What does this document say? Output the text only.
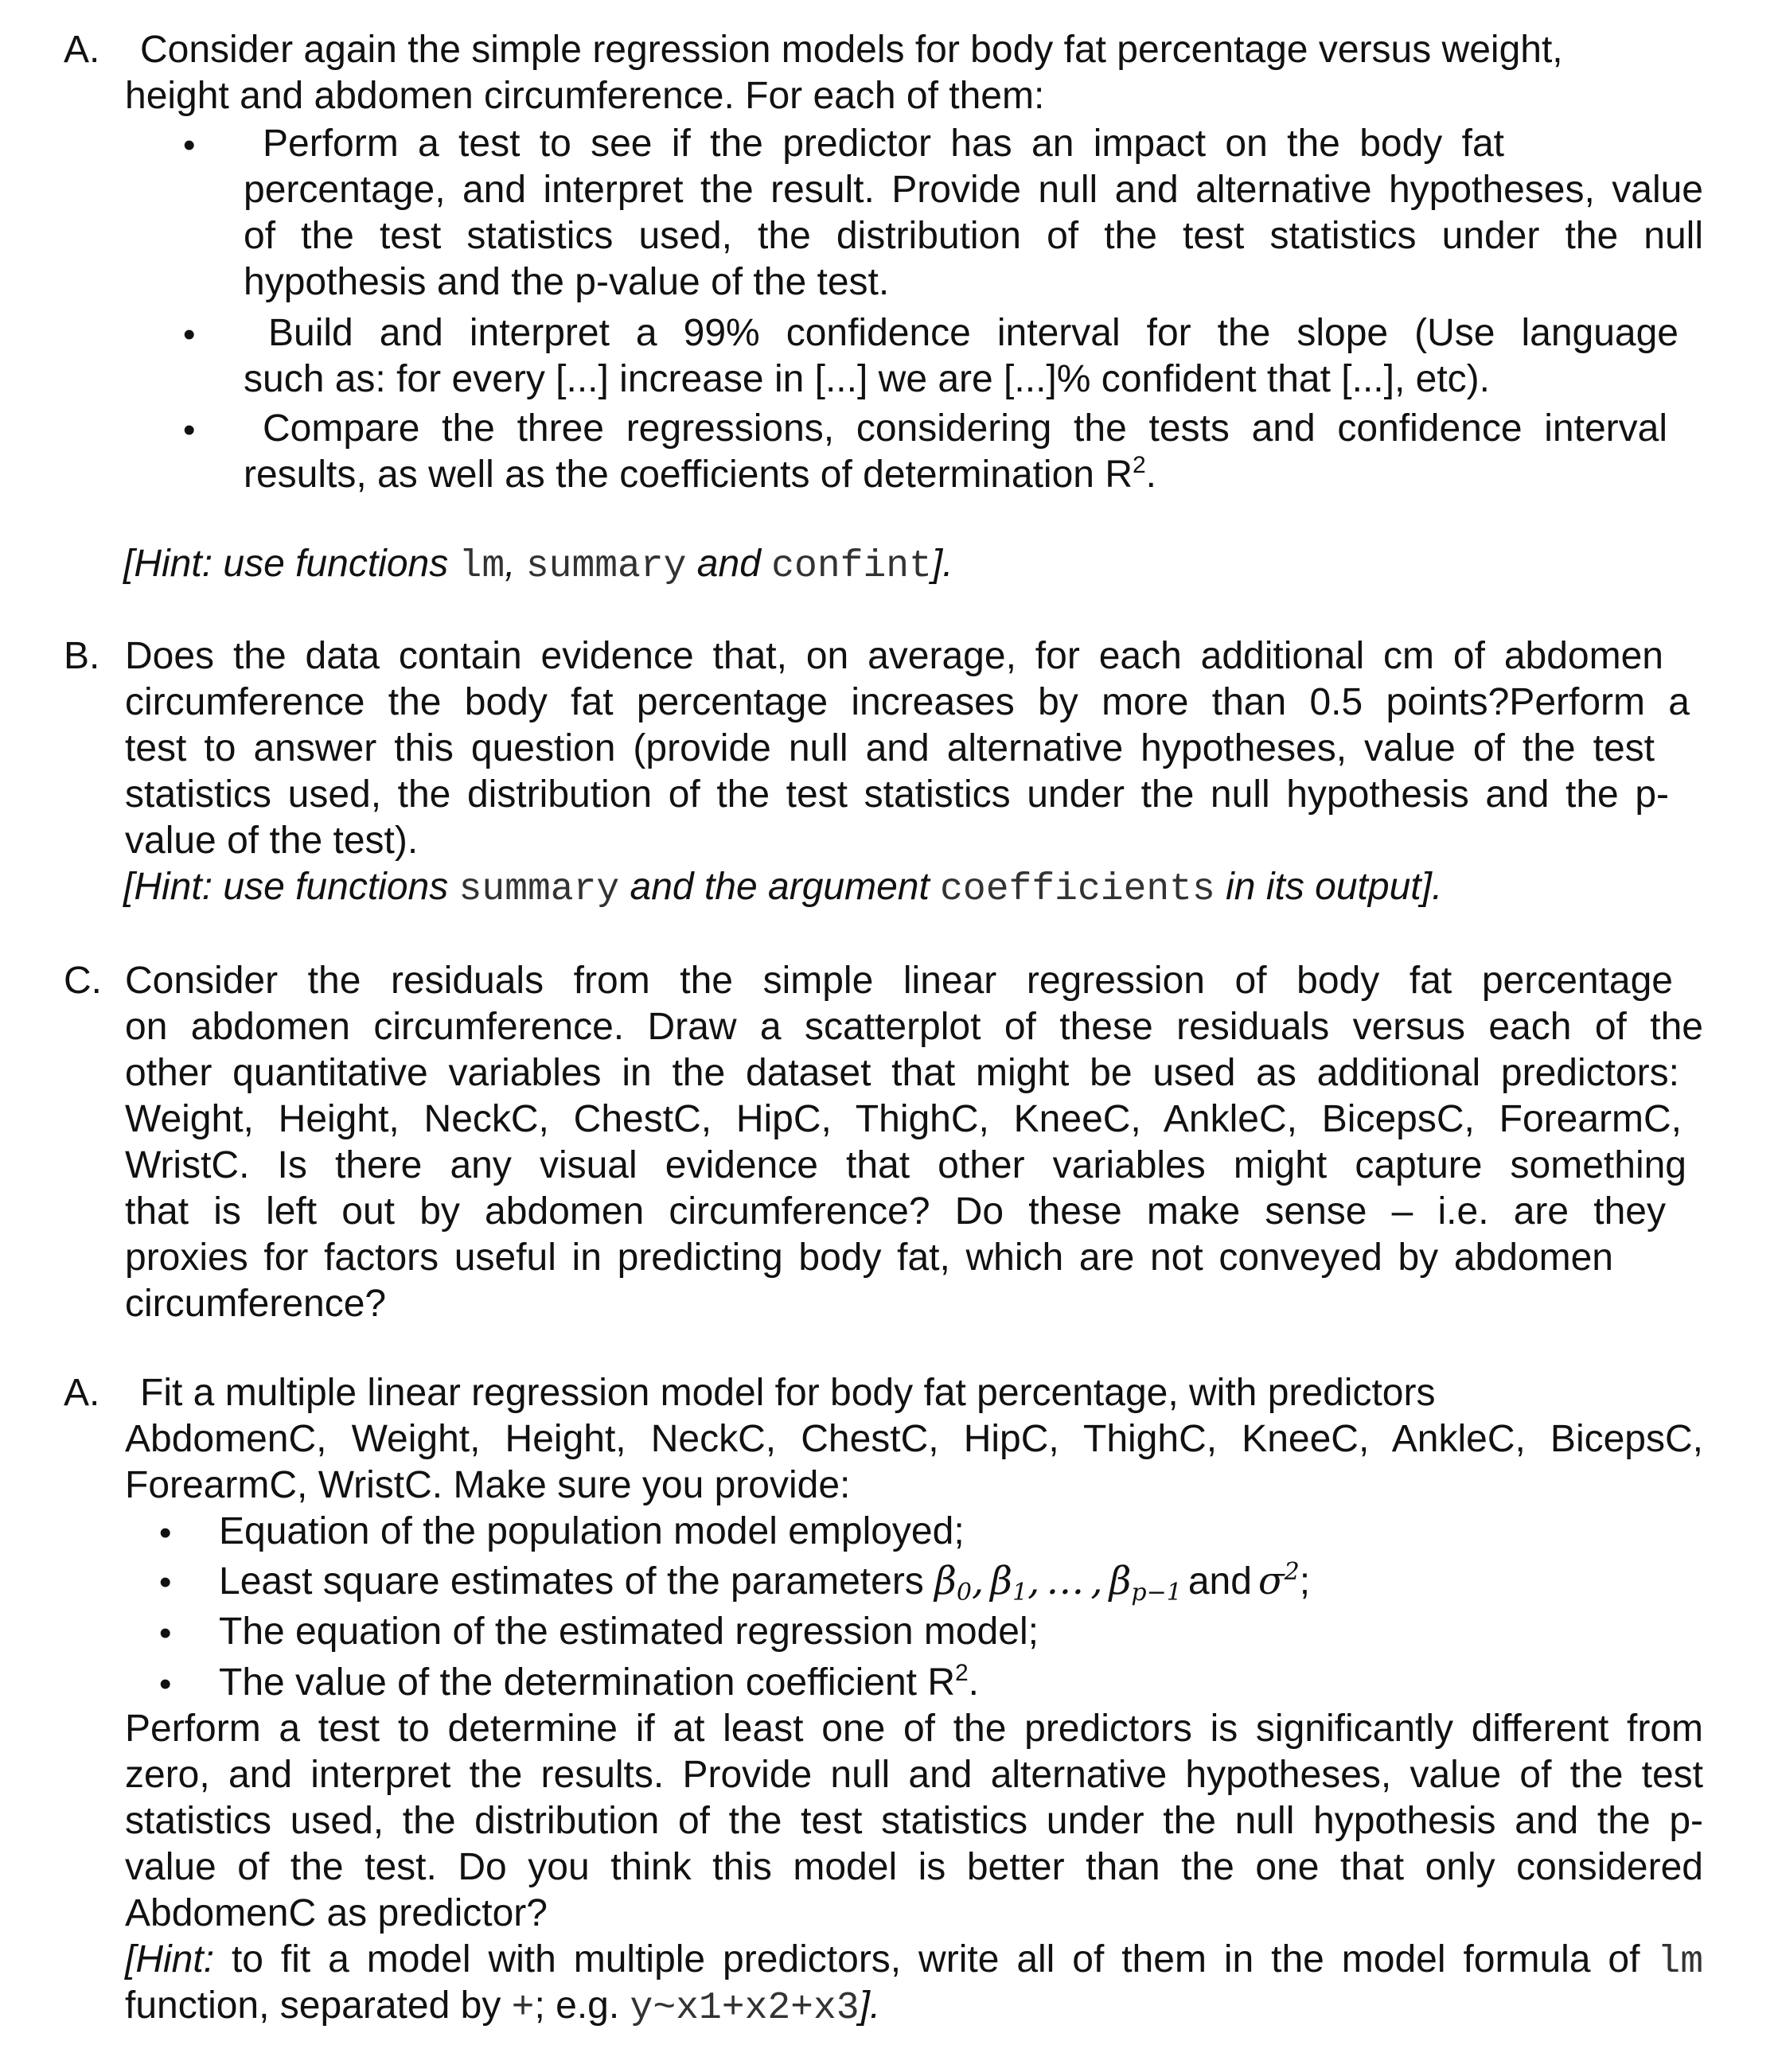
A. Consider again the simple regression models for body fat percentage versus weight,
height and abdomen circumference. For each of them:
• Perform a test to see if the predictor has an impact on the body fat
percentage, and interpret the result. Provide null and alternative hypotheses, value
of the test statistics used, the distribution of the test statistics under the null
hypothesis and the p-value of the test.
• Build and interpret a 99% confidence interval for the slope (Use language
such as: for every [...] increase in [...] we are [...]% confident that [...], etc).
• Compare the three regressions, considering the tests and confidence interval
results, as well as the coefficients of determination $R^2$.
[Hint: use functions lm, summary and confint].
B. Does the data contain evidence that, on average, for each additional cm of abdomen
circumference the body fat percentage increases by more than 0.5 points?Perform a
test to answer this question (provide null and alternative hypotheses, value of the test
statistics used, the distribution of the test statistics under the null hypothesis and the p-
value of the test).
[Hint: use functions summary and the argument coefficients in its output].
C. Consider the residuals from the simple linear regression of body fat percentage
on abdomen circumference. Draw a scatterplot of these residuals versus each of the
other quantitative variables in the dataset that might be used as additional predictors:
Weight, Height, NeckC, ChestC, HipC, ThighC, KneeC, AnkleC, BicepsC, ForearmC,
WristC. Is there any visual evidence that other variables might capture something
that is left out by abdomen circumference? Do these make sense – i.e. are they
proxies for factors useful in predicting body fat, which are not conveyed by abdomen
circumference?
A. Fit a multiple linear regression model for body fat percentage, with predictors
AbdomenC, Weight, Height, NeckC, ChestC, HipC, ThighC, KneeC, AnkleC, BicepsC,
ForearmC, WristC. Make sure you provide:
• Equation of the population model employed;
• Least square estimates of the parameters $\beta_0$, $\beta_1$, … , $\beta_{p-1}$ and $\sigma^2$;
• The equation of the estimated regression model;
• The value of the determination coefficient $R^2$.
Perform a test to determine if at least one of the predictors is significantly different from
zero, and interpret the results. Provide null and alternative hypotheses, value of the test
statistics used, the distribution of the test statistics under the null hypothesis and the p-
value of the test. Do you think this model is better than the one that only considered
AbdomenC as predictor?
[Hint: to fit a model with multiple predictors, write all of them in the model formula of lm
function, separated by +; e.g. y~x1+x2+x3].
